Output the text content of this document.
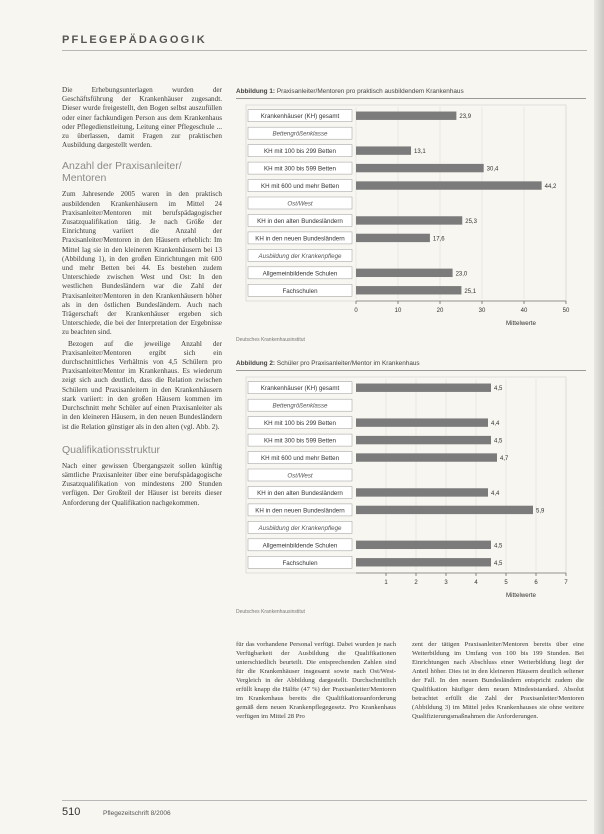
PFLEGEPÄDAGOGIK

Die Erhebungsunterlagen wurden der Geschäftsführung der Krankenhäuser zugesandt. Dieser wurde freigestellt, den Bogen selbst auszufüllen oder einer fachkundigen Person aus dem Krankenhaus oder Pflegedienstleitung, Leitung einer Pflegeschule ... zu überlassen, damit Fragen zur praktischen Ausbildung dargestellt werden.

Anzahl der Praxisanleiter/ Mentoren

Zum Jahresende 2005 waren in den praktisch ausbildenden Krankenhäusern im Mittel 24 Praxisanleiter/Mentoren mit berufspädagogischer Zusatzqualifikation tätig. Je nach Größe der Einrichtung variiert die Anzahl der Praxisanleiter/Mentoren in den Häusern erheblich: Im Mittel lag sie in den kleineren Krankenhäusern bei 13 (Abbildung 1), in den großen Einrichtungen mit 600 und mehr Betten bei 44. Es bestehen zudem Unterschiede zwischen West und Ost: In den westlichen Bundesländern war die Zahl der Praxisanleiter/Mentoren in den Krankenhäusern höher als in den östlichen Bundesländern. Auch nach Trägerschaft der Krankenhäuser ergeben sich Unterschiede, die bei der Interpretation der Ergebnisse zu beachten sind.

Bezogen auf die jeweilige Anzahl der Praxisanleiter/Mentoren ergibt sich ein durchschnittliches Verhältnis von 4,5 Schülern pro Praxisanleiter/Mentor im Krankenhaus. Es wiederum zeigt sich auch deutlich, dass die Relation zwischen Schülern und Praxisanleitern in den Krankenhäusern stark variiert: in den großen Häusern kommen im Durchschnitt mehr Schüler auf einen Praxisanleiter als in den kleineren Häusern, in den neuen Bundesländern ist die Relation günstiger als in den alten (vgl. Abb. 2).

Qualifikationsstruktur

Nach einer gewissen Übergangszeit sollen künftig sämtliche Praxisanleiter über eine berufspädagogische Zusatzqualifikation von mindestens 200 Stunden verfügen. Der Großteil der Häuser ist bereits dieser Anforderung der Qualifikation nachgekommen.

Abbildung 1: Praxisanleiter/Mentoren pro praktisch ausbildendem Krankenhaus
Krankenhäuser (KH) gesamt	23,9
Bettengrößenklasse
KH mit 100 bis 299 Betten	13,1
KH mit 300 bis 599 Betten	30,4
KH mit 600 und mehr Betten	44,2
Ost/West
KH in den alten Bundesländern	25,3
KH in den neuen Bundesländern	17,6
Ausbildung der Krankenpflege
Allgemeinbildende Schulen	23,0
Fachschulen	25,1
0	10	20	30	40	50
Mittelwerte
Deutsches Krankenhausinstitut
Abbildung 2: Schüler pro Praxisanleiter/Mentor im Krankenhaus
Krankenhäuser (KH) gesamt	4,5
Bettengrößenklasse
KH mit 100 bis 299 Betten	4,4
KH mit 300 bis 599 Betten	4,5
KH mit 600 und mehr Betten	4,7
Ost/West
KH in den alten Bundesländern	4,4
KH in den neuen Bundesländern	5,9
Ausbildung der Krankenpflege
Allgemeinbildende Schulen	4,5
Fachschulen	4,5
1	2	3	4	5	6	7
Mittelwerte
Deutsches Krankenhausinstitut

für das vorhandene Personal verfügt. Dabei wurden je nach Verfügbarkeit der Ausbildung die Qualifikationen unterschiedlich beurteilt. Die entsprechenden Zahlen sind für die Krankenhäuser insgesamt sowie nach Ost/West-Vergleich in der Abbildung dargestellt. Durchschnittlich erfüllt knapp die Hälfte (47 %) der Praxisanleiter/Mentoren im Krankenhaus bereits die Qualifikationsanforderung gemäß dem neuen Krankenpflegegesetz. Pro Krankenhaus verfügen im Mittel 28 Pro

zent der tätigen Praxisanleiter/Mentoren bereits über eine Weiterbildung im Umfang von 100 bis 199 Stunden. Bei Einrichtungen nach Abschluss einer Weiterbildung liegt der Anteil höher. Dies ist in den kleineren Häusern deutlich seltener der Fall. In den neuen Bundesländern entspricht zudem die Qualifikation häufiger dem neuen Mindeststandard. Absolut betrachtet erfüllt die Zahl der Praxisanleiter/Mentoren (Abbildung 3) im Mittel jedes Krankenhauses sie ohne weitere Qualifizierungsmaßnahmen die Anforderungen.

510	Pflegezeitschrift 8/2006
